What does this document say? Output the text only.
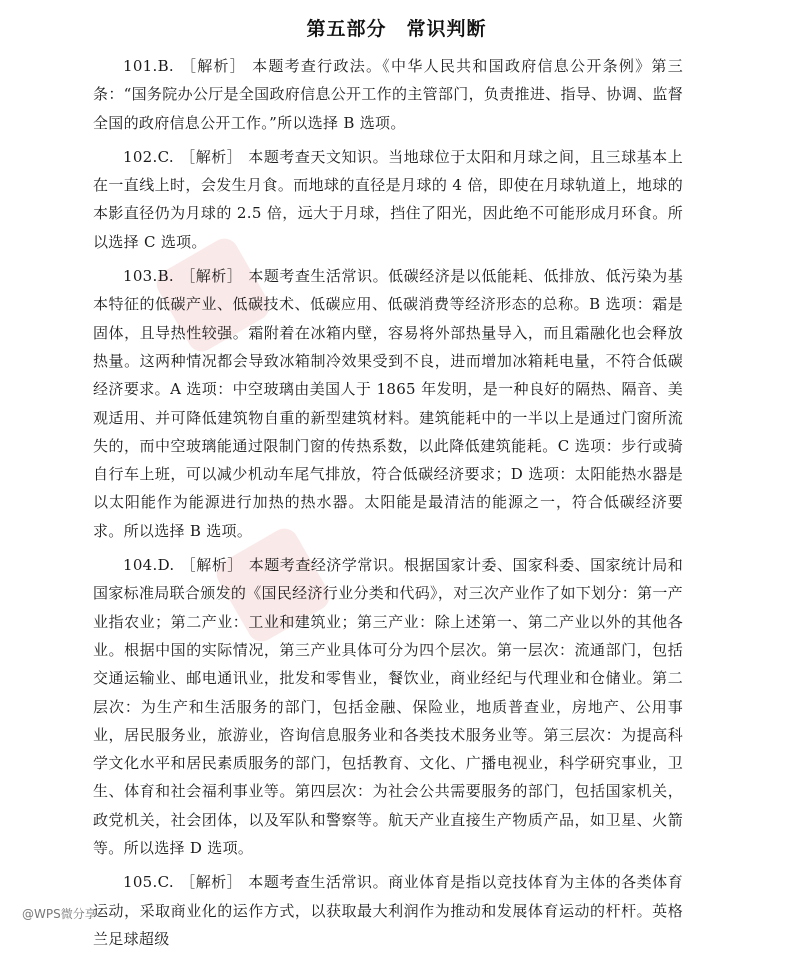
第五部分　常识判断

101.B. ［解析］ 本题考查行政法。《中华人民共和国政府信息公开条例》第三条：“国务院办公厅是全国政府信息公开工作的主管部门，负责推进、指导、协调、监督全国的政府信息公开工作。”所以选择 B 选项。

102.C. ［解析］ 本题考查天文知识。当地球位于太阳和月球之间，且三球基本上在一直线上时，会发生月食。而地球的直径是月球的 4 倍，即使在月球轨道上，地球的本影直径仍为月球的 2.5 倍，远大于月球，挡住了阳光，因此绝不可能形成月环食。所以选择 C 选项。

103.B. ［解析］ 本题考查生活常识。低碳经济是以低能耗、低排放、低污染为基本特征的低碳产业、低碳技术、低碳应用、低碳消费等经济形态的总称。B 选项：霜是固体，且导热性较强。霜附着在冰箱内壁，容易将外部热量导入，而且霜融化也会释放热量。这两种情况都会导致冰箱制冷效果受到不良，进而增加冰箱耗电量，不符合低碳经济要求。A 选项：中空玻璃由美国人于 1865 年发明，是一种良好的隔热、隔音、美观适用、并可降低建筑物自重的新型建筑材料。建筑能耗中的一半以上是通过门窗所流失的，而中空玻璃能通过限制门窗的传热系数，以此降低建筑能耗。C 选项：步行或骑自行车上班，可以减少机动车尾气排放，符合低碳经济要求；D 选项：太阳能热水器是以太阳能作为能源进行加热的热水器。太阳能是最清洁的能源之一，符合低碳经济要求。所以选择 B 选项。

104.D. ［解析］ 本题考查经济学常识。根据国家计委、国家科委、国家统计局和国家标准局联合颁发的《国民经济行业分类和代码》，对三次产业作了如下划分：第一产业指农业；第二产业：工业和建筑业；第三产业：除上述第一、第二产业以外的其他各业。根据中国的实际情况，第三产业具体可分为四个层次。第一层次：流通部门，包括交通运输业、邮电通讯业，批发和零售业，餐饮业，商业经纪与代理业和仓储业。第二层次：为生产和生活服务的部门，包括金融、保险业，地质普查业，房地产、公用事业，居民服务业，旅游业，咨询信息服务业和各类技术服务业等。第三层次：为提高科学文化水平和居民素质服务的部门，包括教育、文化、广播电视业，科学研究事业，卫生、体育和社会福利事业等。第四层次：为社会公共需要服务的部门，包括国家机关，政党机关，社会团体，以及军队和警察等。航天产业直接生产物质产品，如卫星、火箭等。所以选择 D 选项。

105.C. ［解析］ 本题考查生活常识。商业体育是指以竞技体育为主体的各类体育运动，采取商业化的运作方式，以获取最大利润作为推动和发展体育运动的杆杆。英格兰足球超级

@WPS微分享
